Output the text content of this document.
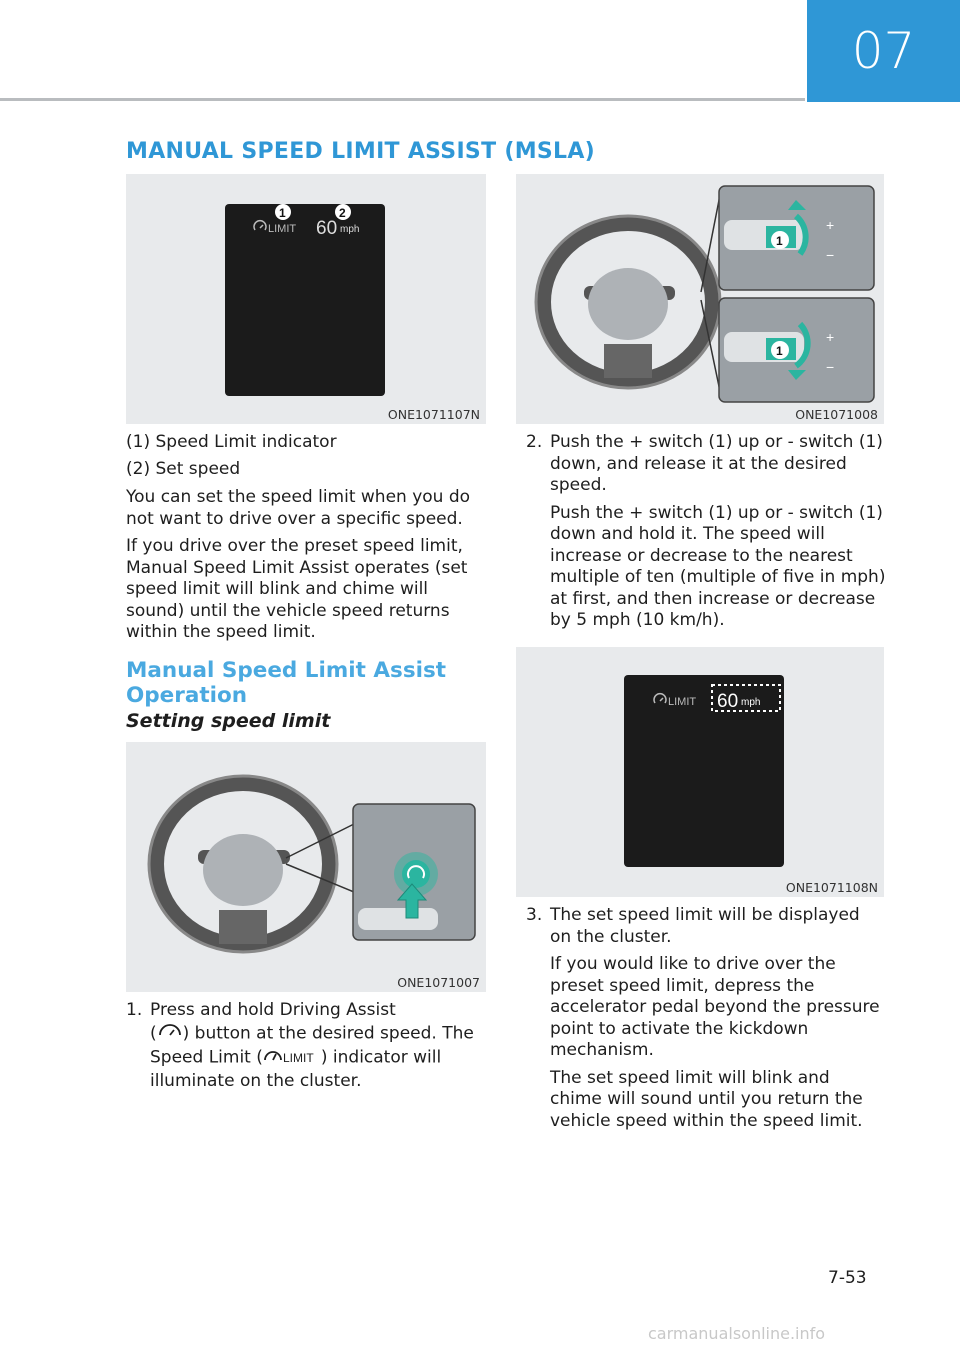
07
MANUAL SPEED LIMIT ASSIST (MSLA)
LIMIT 60 mph
1	2
ONE1071107N
1
+
−
1
+
−
ONE1071008
(1) Speed Limit indicator
(2) Set speed
You can set the speed limit when you do not want to drive over a specific speed.
If you drive over the preset speed limit, Manual Speed Limit Assist operates (set speed limit will blink and chime will sound) until the vehicle speed returns within the speed limit.
Manual Speed Limit Assist Operation
Setting speed limit
ONE1071007
1. Press and hold Driving Assist
( ) button at the desired speed. The
Speed Limit ( LIMIT ) indicator will
illuminate on the cluster.
2. Push the + switch (1) up or - switch (1) down, and release it at the desired speed.
Push the + switch (1) up or - switch (1) down and hold it. The speed will increase or decrease to the nearest multiple of ten (multiple of five in mph) at first, and then increase or decrease by 5 mph (10 km/h).
LIMIT 60 mph
ONE1071108N
3. The set speed limit will be displayed on the cluster.
If you would like to drive over the preset speed limit, depress the accelerator pedal beyond the pressure point to activate the kickdown mechanism.
The set speed limit will blink and chime will sound until you return the vehicle speed within the speed limit.
7-53
carmanualsonline.info
